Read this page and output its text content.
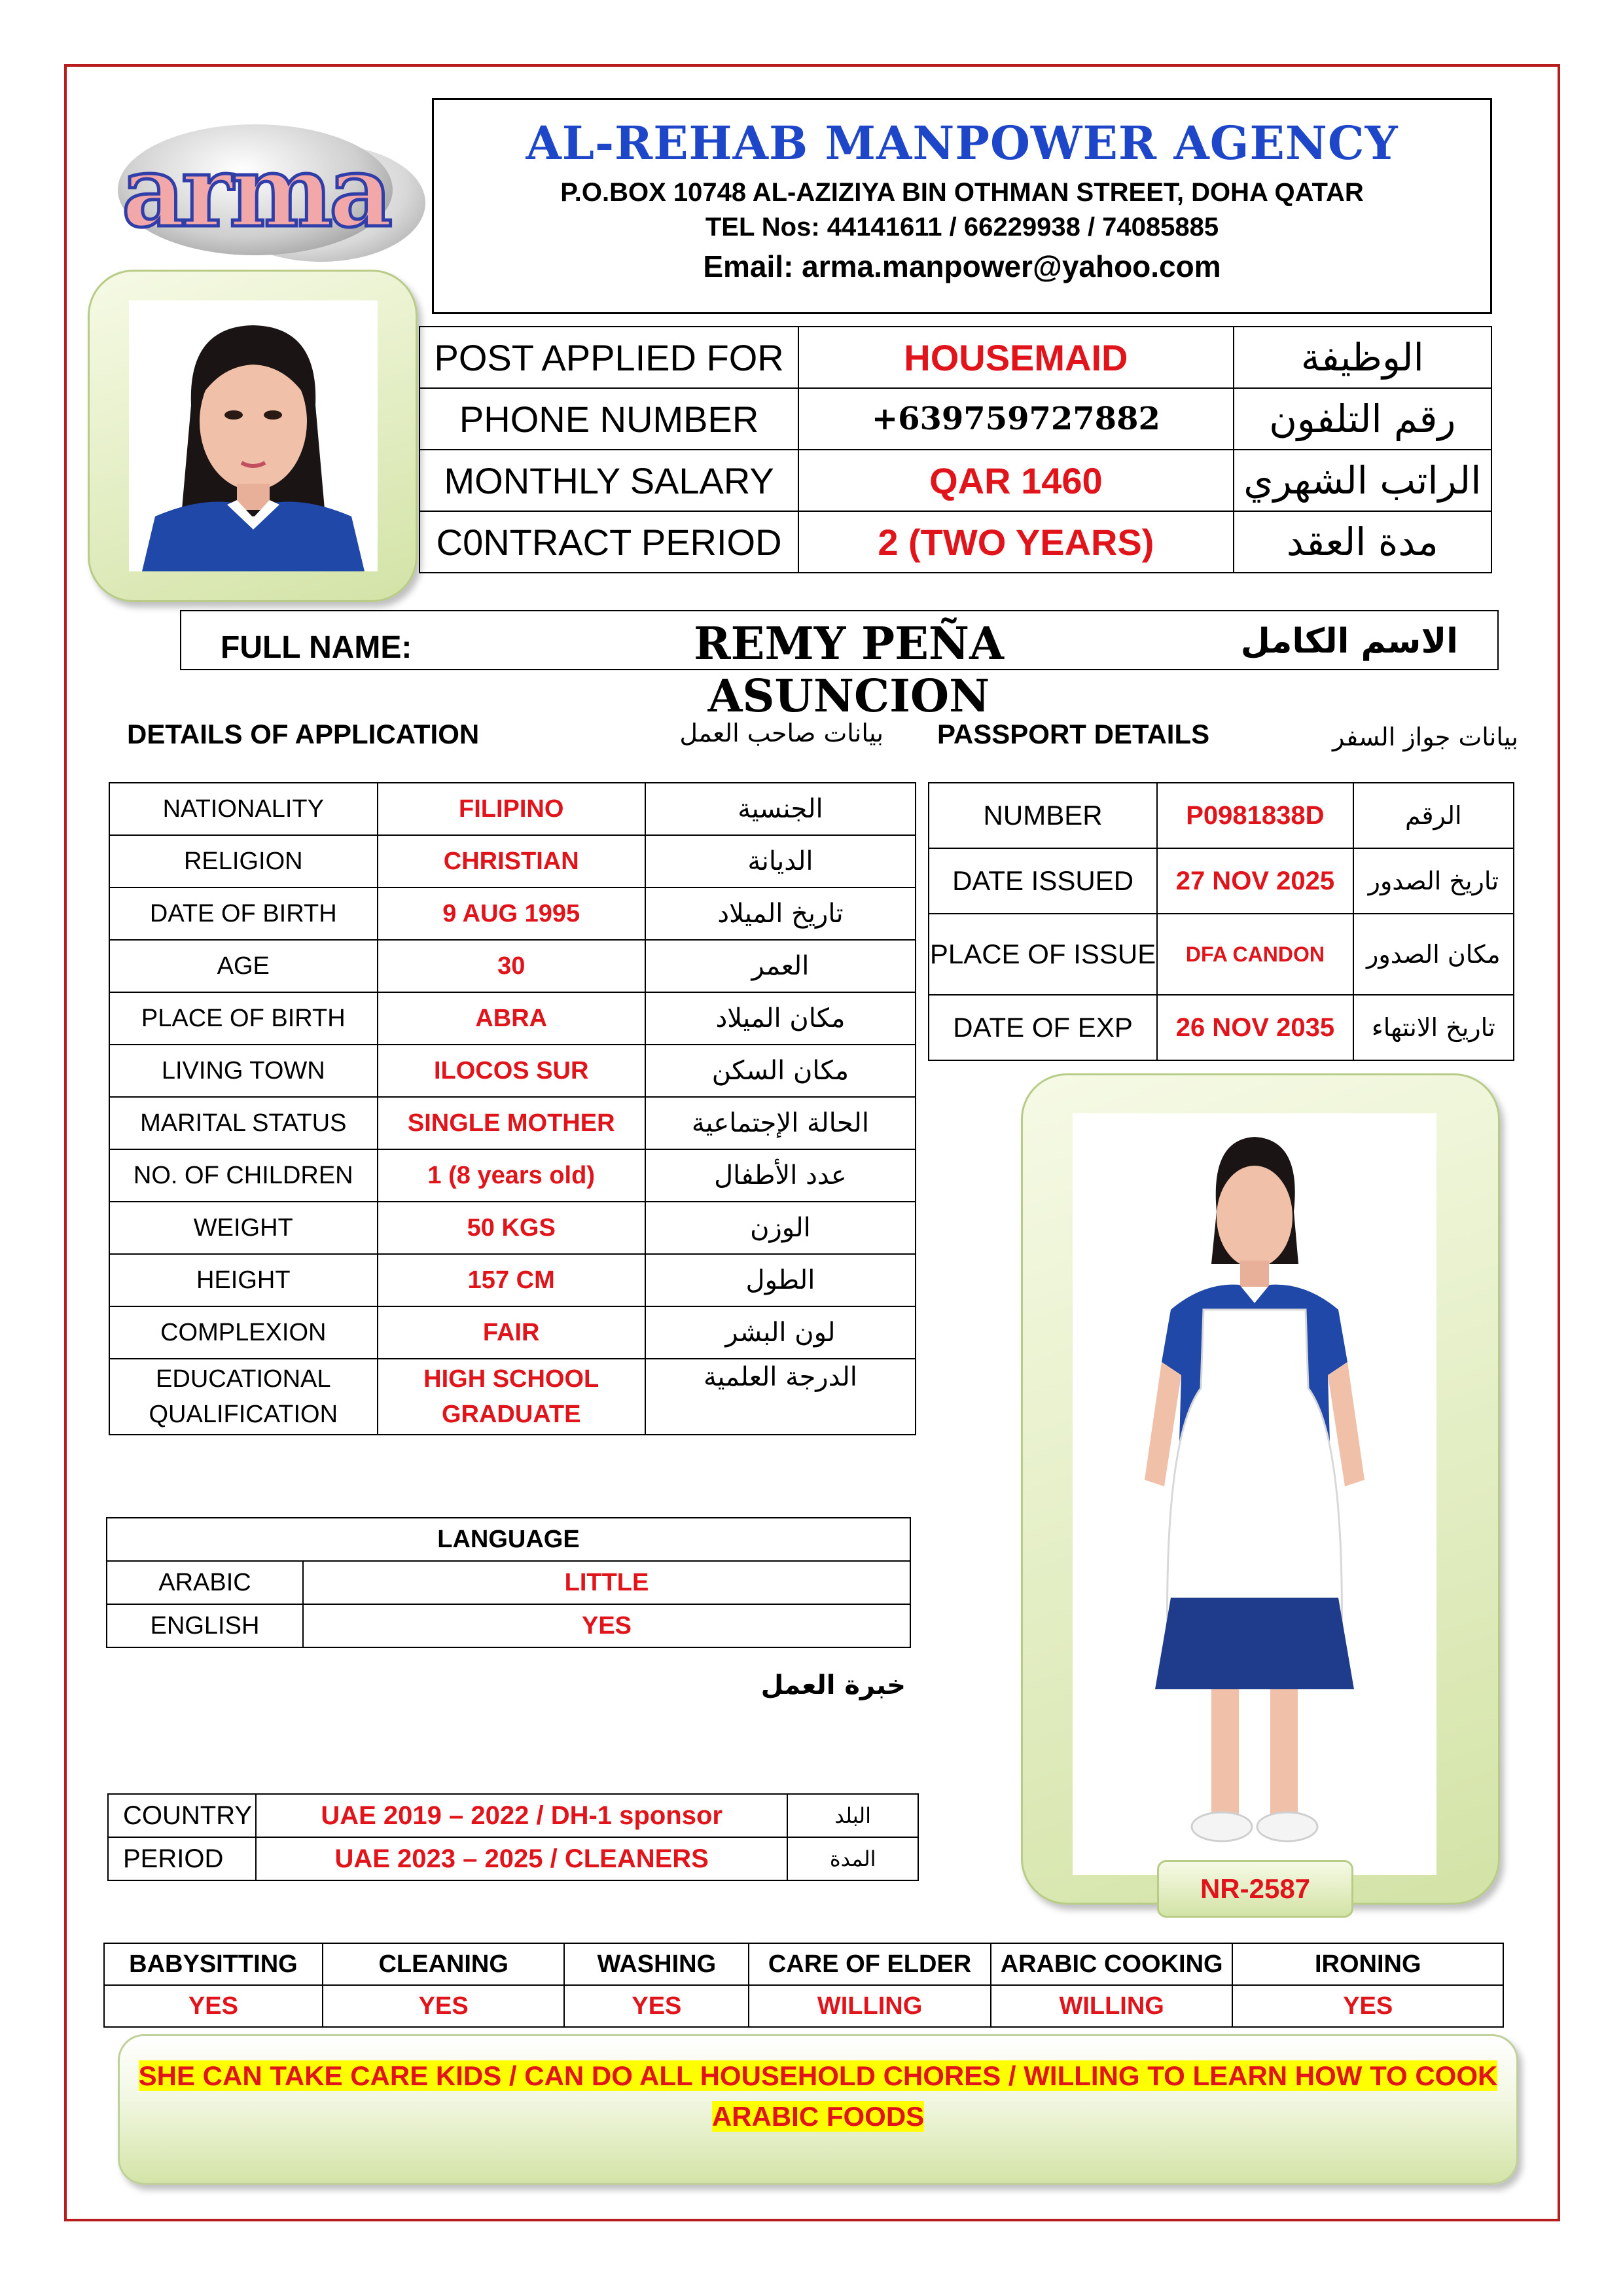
arma	AL-REHAB MANPOWER AGENCY
P.O.BOX 10748 AL-AZIZIYA BIN OTHMAN STREET, DOHA QATAR
TEL Nos: 44141611 / 66229938 / 74085885
Email: arma.manpower@yahoo.com
POST APPLIED FOR	HOUSEMAID	الوظيفة
PHONE NUMBER	+639759727882	رقم التلفون
MONTHLY SALARY	QAR 1460	الراتب الشهري
C0NTRACT PERIOD	2 (TWO YEARS)	مدة العقد
FULL NAME:	REMY PEÑA ASUNCION
الاسم الكامل
DETAILS OF APPLICATION	بيانات صاحب العمل PASSPORT DETAILS	بيانات جواز السفر
NATIONALITY	FILIPINO	الجنسية
RELIGION	CHRISTIAN	الديانة
DATE OF BIRTH	9 AUG 1995	تاريخ الميلاد
AGE	30	العمر
PLACE OF BIRTH	ABRA	مكان الميلاد
LIVING TOWN	ILOCOS SUR	مكان السكن
MARITAL STATUS	SINGLE MOTHER	الحالة الإجتماعية
NO. OF CHILDREN	1 (8 years old)	عدد الأطفال
WEIGHT	50 KGS	الوزن
HEIGHT	157 CM	الطول
COMPLEXION	FAIR	لون البشر
EDUCATIONAL QUALIFICATION	HIGH SCHOOL GRADUATE	الدرجة العلمية
NUMBER	P0981838D	الرقم
DATE ISSUED	27 NOV 2025	تاريخ الصدور
PLACE OF ISSUE	DFA CANDON	مكان الصدور
DATE OF EXP	26 NOV 2035	تاريخ الانتهاء
NR-2587
LANGUAGE	
ARABIC	LITTLE
ENGLISH	YES
خبرة العمل
COUNTRY	UAE 2019 – 2022 / DH-1 sponsor	البلد
PERIOD	UAE 2023 – 2025 / CLEANERS	المدة
BABYSITTING	CLEANING	WASHING	CARE OF ELDER	ARABIC COOKING	IRONING
YES	YES	YES	WILLING	WILLING	YES
SHE CAN TAKE CARE KIDS / CAN DO ALL HOUSEHOLD CHORES / WILLING TO LEARN HOW TO COOK ARABIC FOODS
